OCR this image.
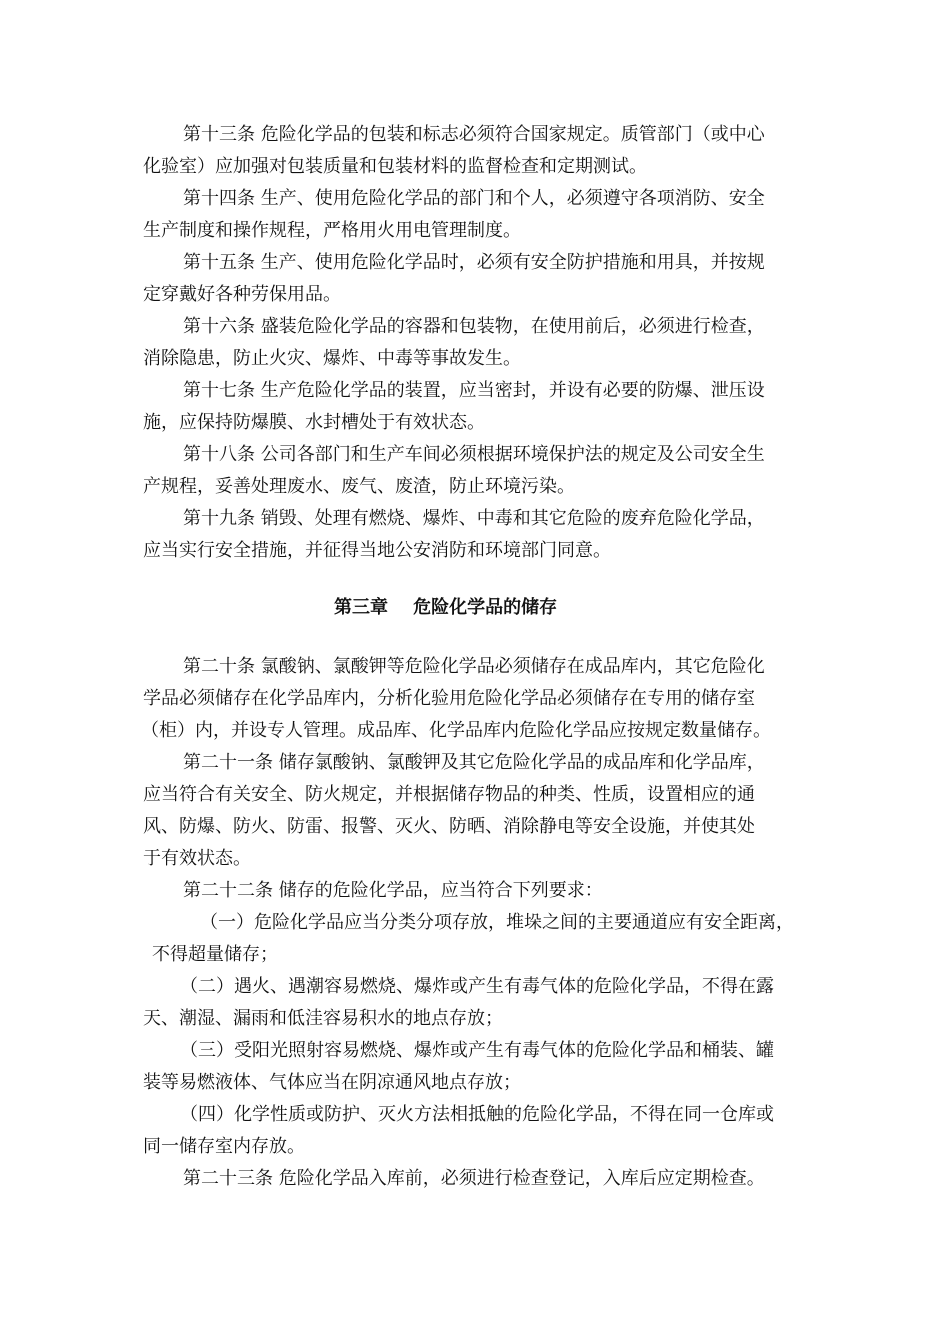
第十三条 危险化学品的包装和标志必须符合国家规定。质管部门（或中心
化验室）应加强对包装质量和包装材料的监督检查和定期测试。
第十四条 生产、使用危险化学品的部门和个人，必须遵守各项消防、安全
生产制度和操作规程，严格用火用电管理制度。
第十五条 生产、使用危险化学品时，必须有安全防护措施和用具，并按规
定穿戴好各种劳保用品。
第十六条 盛装危险化学品的容器和包装物，在使用前后，必须进行检查，
消除隐患，防止火灾、爆炸、中毒等事故发生。
第十七条 生产危险化学品的装置，应当密封，并设有必要的防爆、泄压设
施，应保持防爆膜、水封槽处于有效状态。
第十八条 公司各部门和生产车间必须根据环境保护法的规定及公司安全生
产规程，妥善处理废水、废气、废渣，防止环境污染。
第十九条 销毁、处理有燃烧、爆炸、中毒和其它危险的废弃危险化学品，
应当实行安全措施，并征得当地公安消防和环境部门同意。
第三章    危险化学品的储存
第二十条 氯酸钠、氯酸钾等危险化学品必须储存在成品库内，其它危险化
学品必须储存在化学品库内，分析化验用危险化学品必须储存在专用的储存室
（柜）内，并设专人管理。成品库、化学品库内危险化学品应按规定数量储存。
第二十一条 储存氯酸钠、氯酸钾及其它危险化学品的成品库和化学品库，
应当符合有关安全、防火规定，并根据储存物品的种类、性质，设置相应的通
风、防爆、防火、防雷、报警、灭火、防晒、消除静电等安全设施，并使其处
于有效状态。
第二十二条 储存的危险化学品，应当符合下列要求：
（一）危险化学品应当分类分项存放，堆垛之间的主要通道应有安全距离，
不得超量储存；
（二）遇火、遇潮容易燃烧、爆炸或产生有毒气体的危险化学品，不得在露
天、潮湿、漏雨和低洼容易积水的地点存放；
（三）受阳光照射容易燃烧、爆炸或产生有毒气体的危险化学品和桶装、罐
装等易燃液体、气体应当在阴凉通风地点存放；
（四）化学性质或防护、灭火方法相抵触的危险化学品，不得在同一仓库或
同一储存室内存放。
第二十三条 危险化学品入库前，必须进行检查登记，入库后应定期检查。
